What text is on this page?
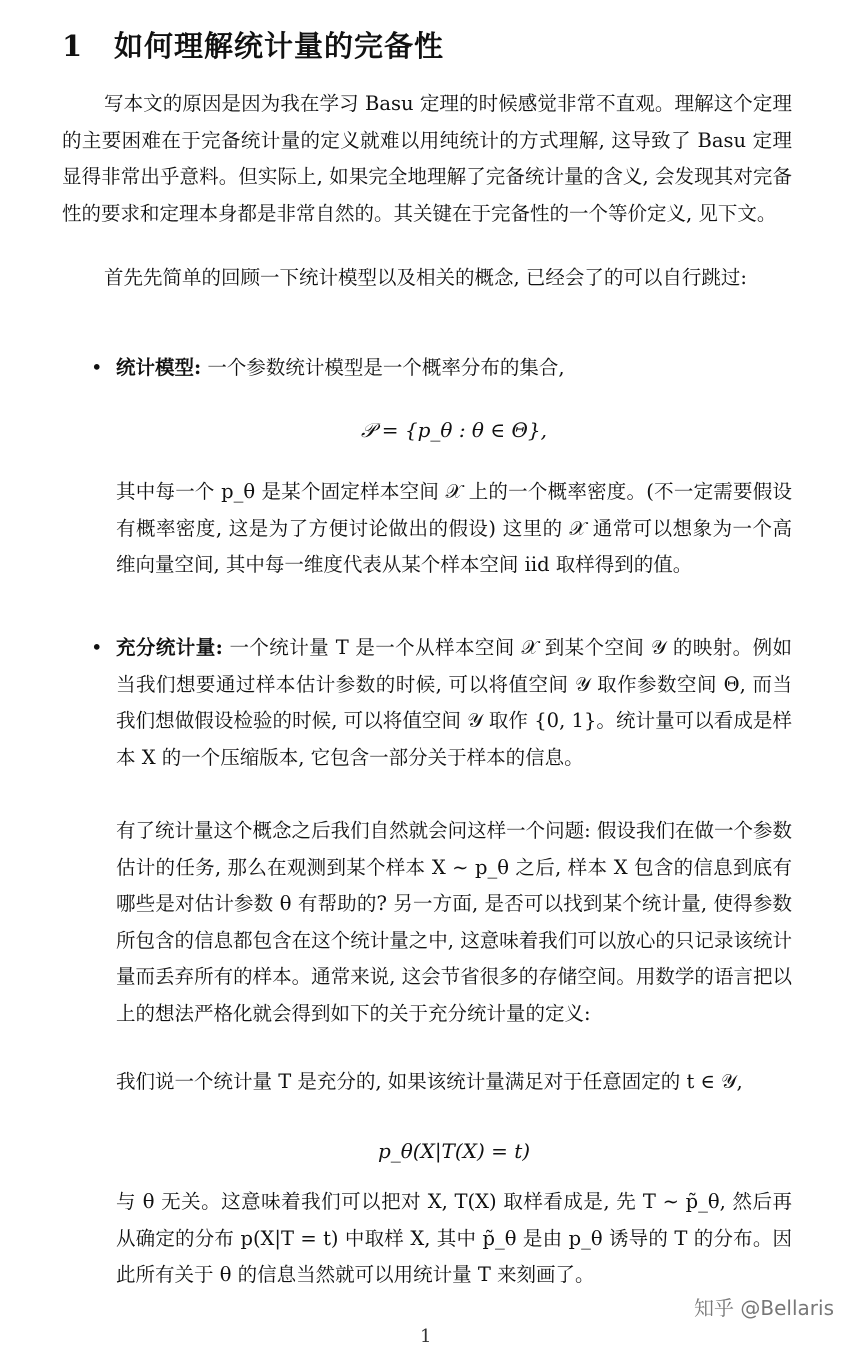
1 如何理解统计量的完备性

写本文的原因是因为我在学习 Basu 定理的时候感觉非常不直观。理解这个定理的主要困难在于完备统计量的定义就难以用纯统计的方式理解, 这导致了 Basu 定理显得非常出乎意料。但实际上, 如果完全地理解了完备统计量的含义, 会发现其对完备性的要求和定理本身都是非常自然的。其关键在于完备性的一个等价定义, 见下文。

首先先简单的回顾一下统计模型以及相关的概念, 已经会了的可以自行跳过:

• 统计模型: 一个参数统计模型是一个概率分布的集合,

𝒫 = {p_θ : θ ∈ Θ},

其中每一个 p_θ 是某个固定样本空间 𝒳 上的一个概率密度。(不一定需要假设有概率密度, 这是为了方便讨论做出的假设) 这里的 𝒳 通常可以想象为一个高维向量空间, 其中每一维度代表从某个样本空间 iid 取样得到的值。

• 充分统计量: 一个统计量 T 是一个从样本空间 𝒳 到某个空间 𝒴 的映射。例如当我们想要通过样本估计参数的时候, 可以将值空间 𝒴 取作参数空间 Θ, 而当我们想做假设检验的时候, 可以将值空间 𝒴 取作 {0, 1}。统计量可以看成是样本 X 的一个压缩版本, 它包含一部分关于样本的信息。

有了统计量这个概念之后我们自然就会问这样一个问题: 假设我们在做一个参数估计的任务, 那么在观测到某个样本 X ∼ p_θ 之后, 样本 X 包含的信息到底有哪些是对估计参数 θ 有帮助的? 另一方面, 是否可以找到某个统计量, 使得参数所包含的信息都包含在这个统计量之中, 这意味着我们可以放心的只记录该统计量而丢弃所有的样本。通常来说, 这会节省很多的存储空间。用数学的语言把以上的想法严格化就会得到如下的关于充分统计量的定义:

我们说一个统计量 T 是充分的, 如果该统计量满足对于任意固定的 t ∈ 𝒴,

p_θ(X|T(X) = t)

与 θ 无关。这意味着我们可以把对 X, T(X) 取样看成是, 先 T ∼ p̃_θ, 然后再从确定的分布 p(X|T = t) 中取样 X, 其中 p̃_θ 是由 p_θ 诱导的 T 的分布。因此所有关于 θ 的信息当然就可以用统计量 T 来刻画了。

知乎 @Bellaris
1
